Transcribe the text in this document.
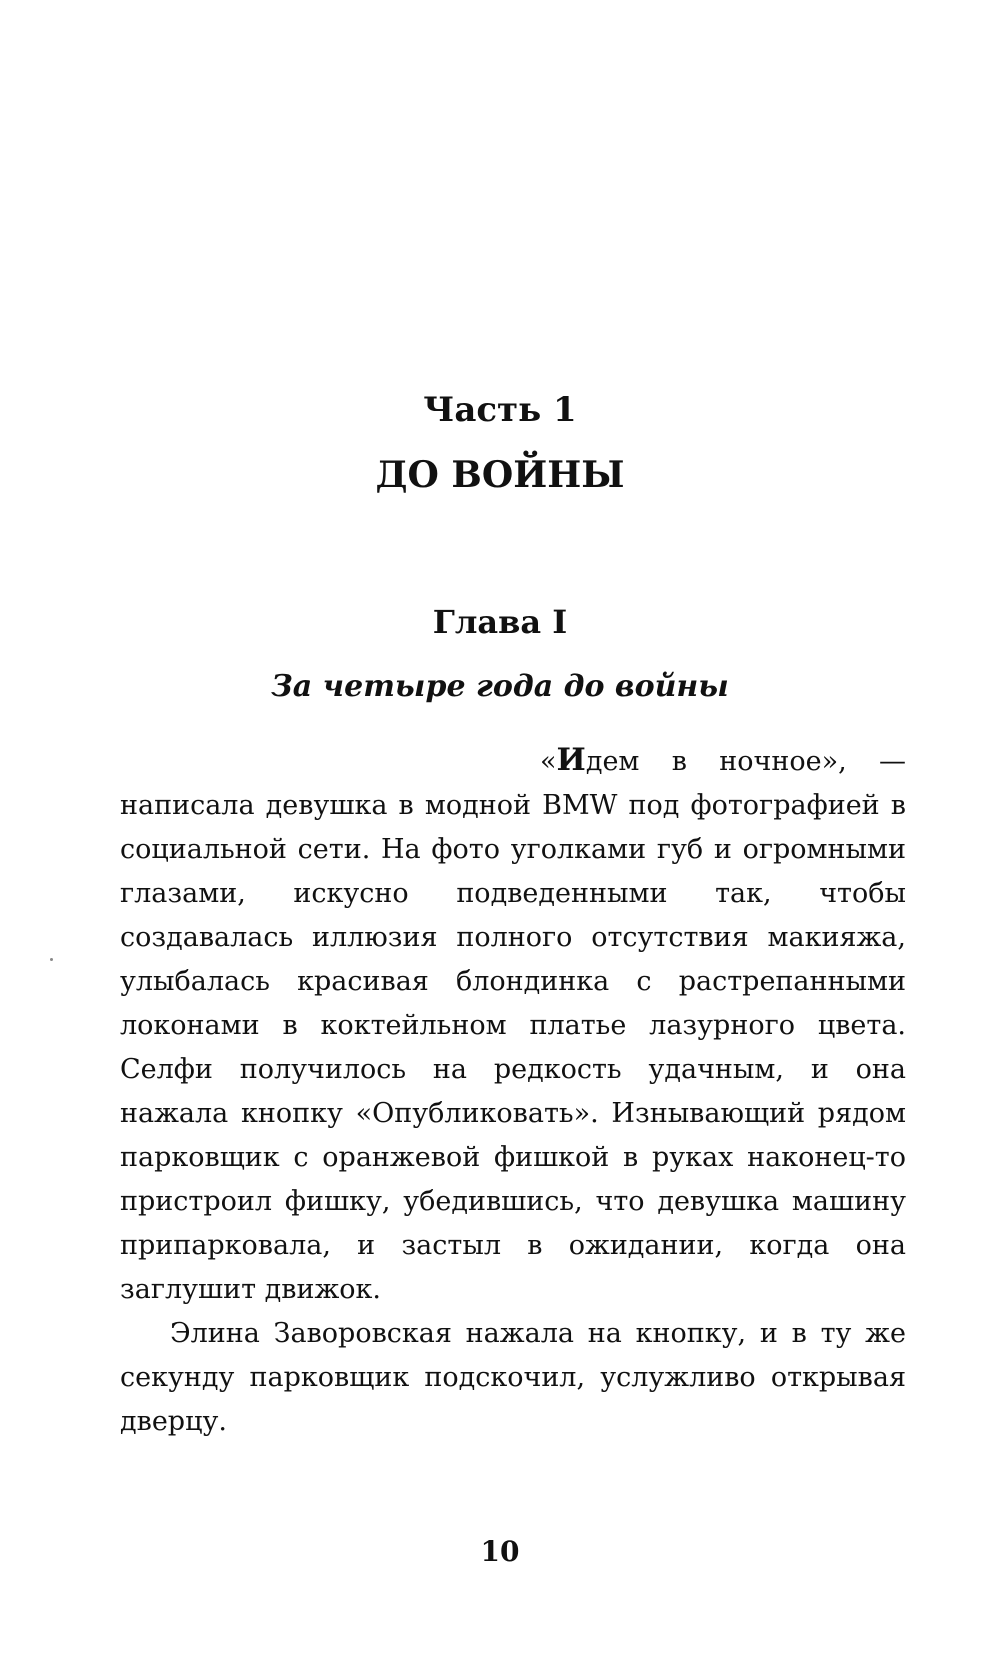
Часть 1
ДО ВОЙНЫ
Глава I
За четыре года до войны

«Идем в ночное», — написала девушка в модной BMW под фотографией в социальной сети. На фото уголками губ и огромными глазами, искусно подведенными так, чтобы создавалась иллюзия полного отсутствия макияжа, улыбалась красивая блондинка с растрепанными локонами в коктейльном платье лазурного цвета. Селфи получилось на редкость удачным, и она нажала кнопку «Опубликовать». Изнывающий рядом парковщик с оранжевой фишкой в руках наконец-то пристроил фишку, убедившись, что девушка машину припарковала, и застыл в ожидании, когда она заглушит движок.

Элина Заворовская нажала на кнопку, и в ту же секунду парковщик подскочил, услужливо открывая дверцу.

10
